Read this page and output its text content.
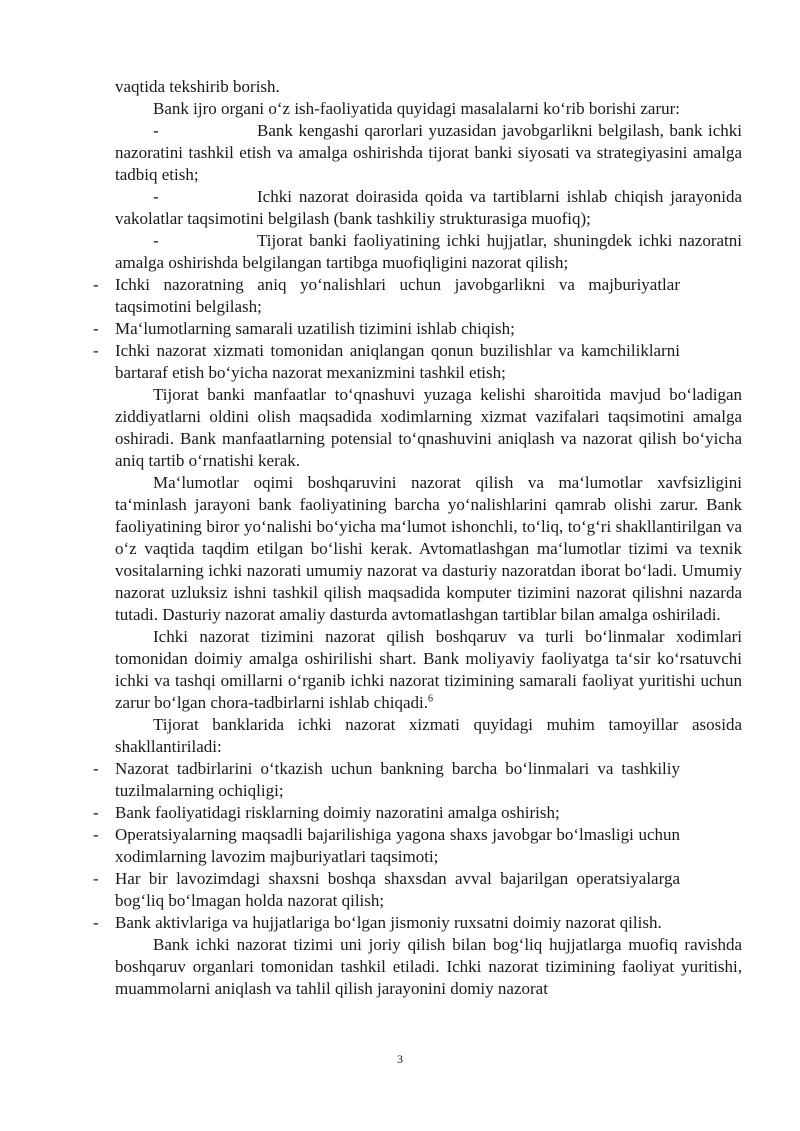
vaqtida tekshirib borish.

Bank ijro organi o‘z ish-faoliyatida quyidagi masalalarni ko‘rib borishi zarur:

-	Bank kengashi qarorlari yuzasidan javobgarlikni belgilash, bank ichki nazoratini tashkil etish va amalga oshirishda tijorat banki siyosati va strategiyasini amalga tadbiq etish;

-	Ichki nazorat doirasida qoida va tartiblarni ishlab chiqish jarayonida vakolatlar taqsimotini belgilash (bank tashkiliy strukturasiga muofiq);

-	Tijorat banki faoliyatining ichki hujjatlar, shuningdek ichki nazoratni amalga oshirishda belgilangan tartibga muofiqligini nazorat qilish;

- Ichki nazoratning aniq yo‘nalishlari uchun javobgarlikni va majburiyatlar taqsimotini belgilash;
- Ma‘lumotlarning samarali uzatilish tizimini ishlab chiqish;
- Ichki nazorat xizmati tomonidan aniqlangan qonun buzilishlar va kamchiliklarni bartaraf etish bo‘yicha nazorat mexanizmini tashkil etish;

Tijorat banki manfaatlar to‘qnashuvi yuzaga kelishi sharoitida mavjud bo‘ladigan ziddiyatlarni oldini olish maqsadida xodimlarning xizmat vazifalari taqsimotini amalga oshiradi. Bank manfaatlarning potensial to‘qnashuvini aniqlash va nazorat qilish bo‘yicha aniq tartib o‘rnatishi kerak.

Ma‘lumotlar oqimi boshqaruvini nazorat qilish va ma‘lumotlar xavfsizligini ta‘minlash jarayoni bank faoliyatining barcha yo‘nalishlarini qamrab olishi zarur. Bank faoliyatining biror yo‘nalishi bo‘yicha ma‘lumot ishonchli, to‘liq, to‘g‘ri shakllantirilgan va o‘z vaqtida taqdim etilgan bo‘lishi kerak. Avtomatlashgan ma‘lumotlar tizimi va texnik vositalarning ichki nazorati umumiy nazorat va dasturiy nazoratdan iborat bo‘ladi. Umumiy nazorat uzluksiz ishni tashkil qilish maqsadida komputer tizimini nazorat qilishni nazarda tutadi. Dasturiy nazorat amaliy dasturda avtomatlashgan tartiblar bilan amalga oshiriladi.

Ichki nazorat tizimini nazorat qilish boshqaruv va turli bo‘linmalar xodimlari tomonidan doimiy amalga oshirilishi shart. Bank moliyaviy faoliyatga ta‘sir ko‘rsatuvchi ichki va tashqi omillarni o‘rganib ichki nazorat tizimining samarali faoliyat yuritishi uchun zarur bo‘lgan chora-tadbirlarni ishlab chiqadi.$^6$

Tijorat banklarida ichki nazorat xizmati quyidagi muhim tamoyillar asosida shakllantiriladi:

- Nazorat tadbirlarini o‘tkazish uchun bankning barcha bo‘linmalari va tashkiliy tuzilmalarning ochiqligi;
- Bank faoliyatidagi risklarning doimiy nazoratini amalga oshirish;
- Operatsiyalarning maqsadli bajarilishiga yagona shaxs javobgar bo‘lmasligi uchun xodimlarning lavozim majburiyatlari taqsimoti;
- Har bir lavozimdagi shaxsni boshqa shaxsdan avval bajarilgan operatsiyalarga bog‘liq bo‘lmagan holda nazorat qilish;
- Bank aktivlariga va hujjatlariga bo‘lgan jismoniy ruxsatni doimiy nazorat qilish.

Bank ichki nazorat tizimi uni joriy qilish bilan bog‘liq hujjatlarga muofiq ravishda boshqaruv organlari tomonidan tashkil etiladi. Ichki nazorat tizimining faoliyat yuritishi, muammolarni aniqlash va tahlil qilish jarayonini domiy nazorat

3
